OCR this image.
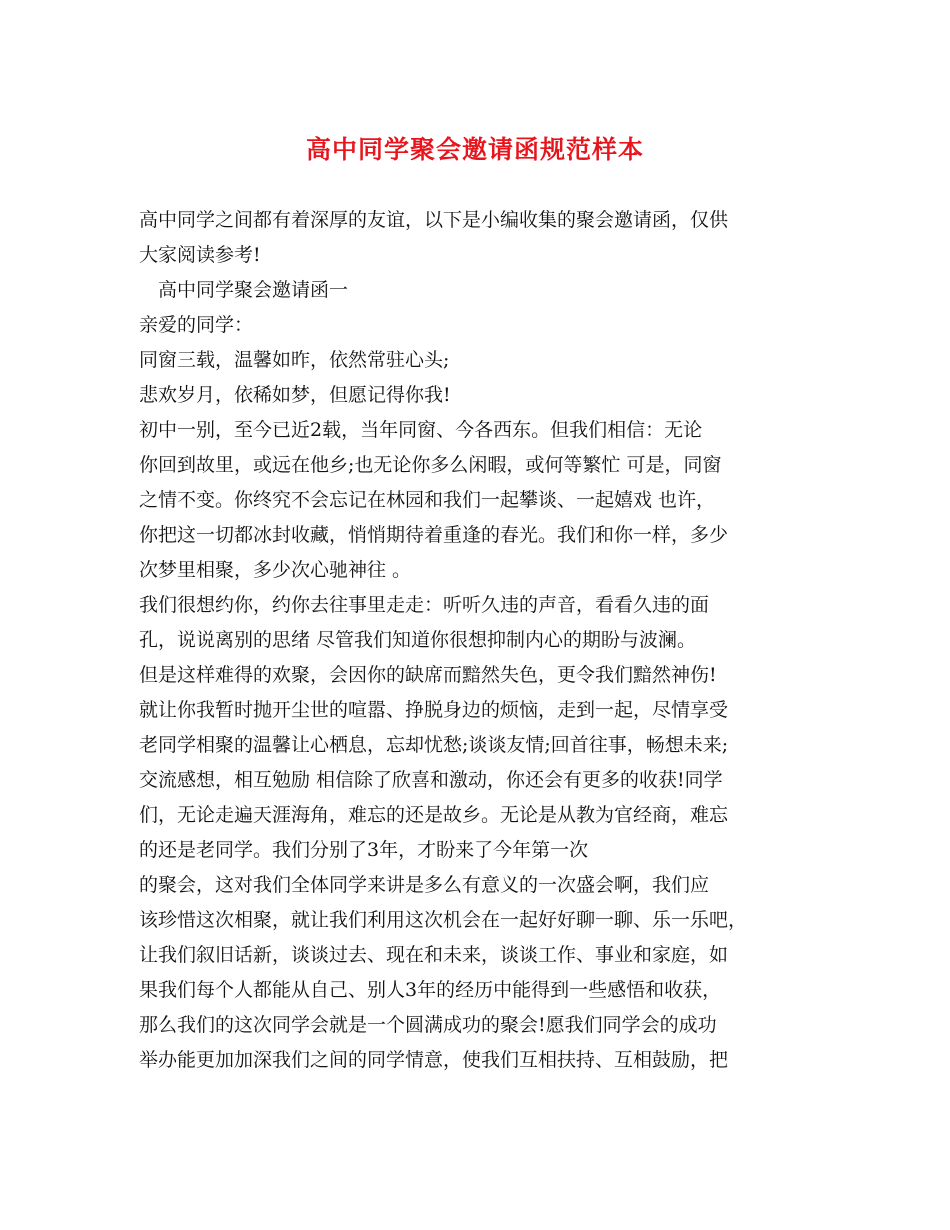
高中同学聚会邀请函规范样本
高中同学之间都有着深厚的友谊，以下是小编收集的聚会邀请函，仅供
大家阅读参考!
　高中同学聚会邀请函一
亲爱的同学：
同窗三载，温馨如昨，依然常驻心头;
悲欢岁月，依稀如梦，但愿记得你我!
初中一别，至今已近2载，当年同窗、今各西东。但我们相信：无论
你回到故里，或远在他乡;也无论你多么闲暇，或何等繁忙 可是，同窗
之情不变。你终究不会忘记在林园和我们一起攀谈、一起嬉戏 也许，
你把这一切都冰封收藏，悄悄期待着重逢的春光。我们和你一样，多少
次梦里相聚，多少次心驰神往 。
我们很想约你，约你去往事里走走：听听久违的声音，看看久违的面
孔，说说离别的思绪 尽管我们知道你很想抑制内心的期盼与波澜。
但是这样难得的欢聚，会因你的缺席而黯然失色，更令我们黯然神伤!
就让你我暂时抛开尘世的喧嚣、挣脱身边的烦恼，走到一起，尽情享受
老同学相聚的温馨让心栖息，忘却忧愁;谈谈友情;回首往事，畅想未来;
交流感想，相互勉励 相信除了欣喜和激动，你还会有更多的收获!同学
们，无论走遍天涯海角，难忘的还是故乡。无论是从教为官经商，难忘
的还是老同学。我们分别了3年，才盼来了今年第一次
的聚会，这对我们全体同学来讲是多么有意义的一次盛会啊，我们应
该珍惜这次相聚，就让我们利用这次机会在一起好好聊一聊、乐一乐吧，
让我们叙旧话新，谈谈过去、现在和未来，谈谈工作、事业和家庭，如
果我们每个人都能从自己、别人3年的经历中能得到一些感悟和收获，
那么我们的这次同学会就是一个圆满成功的聚会!愿我们同学会的成功
举办能更加加深我们之间的同学情意，使我们互相扶持、互相鼓励，把
